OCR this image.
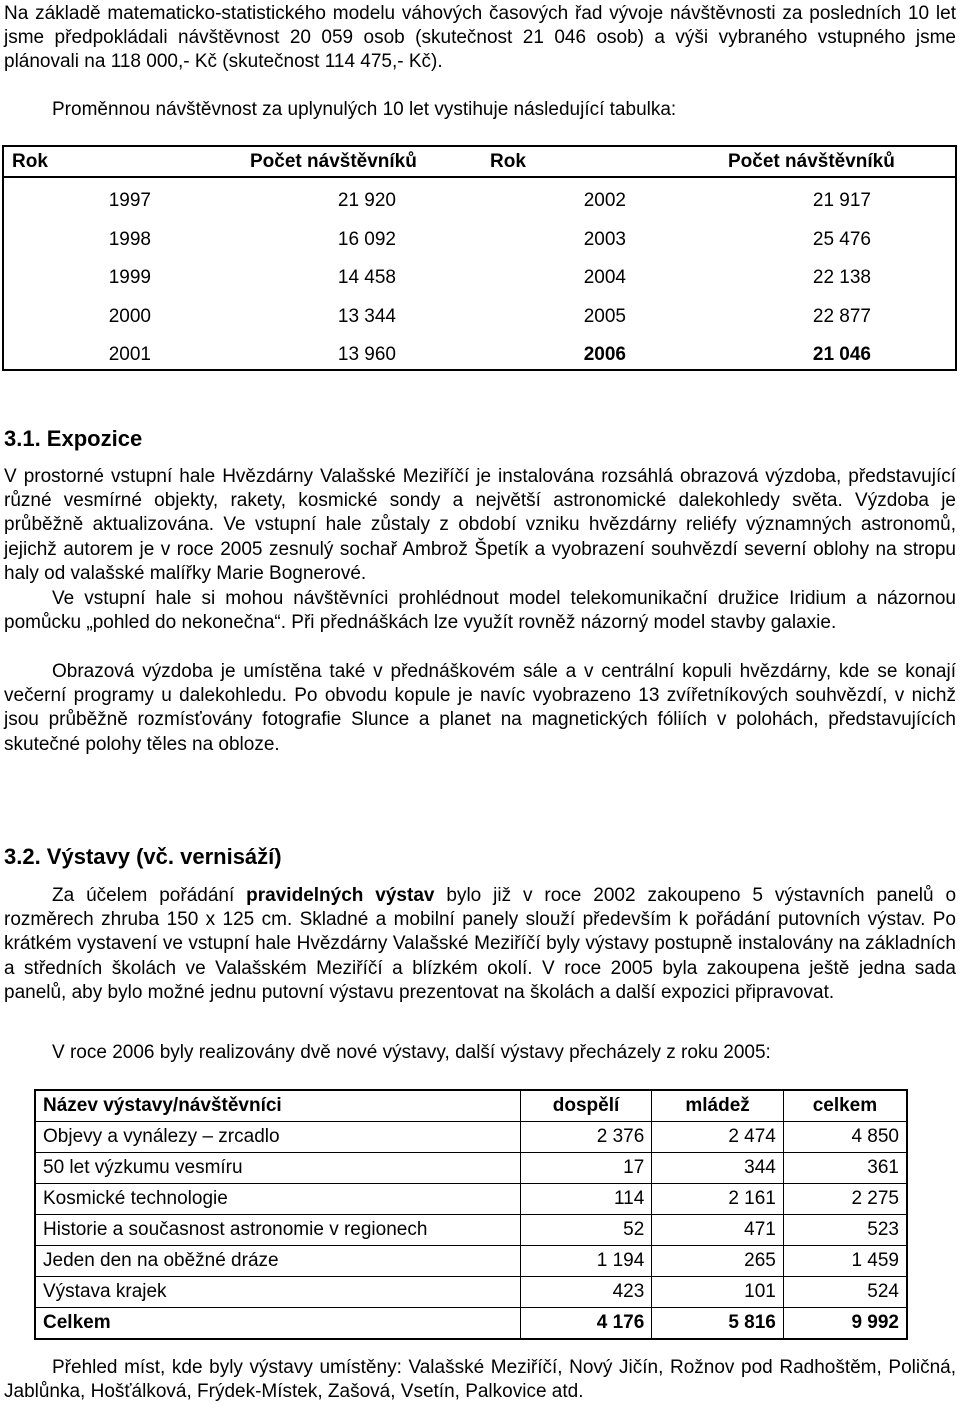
Na základě matematicko-statistického modelu váhových časových řad vývoje návštěvnosti za posledních 10 let jsme předpokládali návštěvnost 20 059 osob (skutečnost 21 046 osob) a výši vybraného vstupného jsme plánovali na 118 000,- Kč (skutečnost 114 475,- Kč).

Proměnnou návštěvnost za uplynulých 10 let vystihuje následující tabulka:

Rok	Počet návštěvníků	Rok	Počet návštěvníků
1997	21 920	2002	21 917
1998	16 092	2003	25 476
1999	14 458	2004	22 138
2000	13 344	2005	22 877
2001	13 960	2006	21 046
3.1. Expozice

V prostorné vstupní hale Hvězdárny Valašské Meziříčí je instalována rozsáhlá obrazová výzdoba, představující různé vesmírné objekty, rakety, kosmické sondy a největší astronomické dalekohledy světa. Výzdoba je průběžně aktualizována. Ve vstupní hale zůstaly z období vzniku hvězdárny reliéfy významných astronomů, jejichž autorem je v roce 2005 zesnulý sochař Ambrož Špetík a vyobrazení souhvězdí severní oblohy na stropu haly od valašské malířky Marie Bognerové.

Ve vstupní hale si mohou návštěvníci prohlédnout model telekomunikační družice Iridium a názornou pomůcku „pohled do nekonečna“. Při přednáškách lze využít rovněž názorný model stavby galaxie.

Obrazová výzdoba je umístěna také v přednáškovém sále a v centrální kopuli hvězdárny, kde se konají večerní programy u dalekohledu. Po obvodu kopule je navíc vyobrazeno 13 zvířetníkových souhvězdí, v nichž jsou průběžně rozmísťovány fotografie Slunce a planet na magnetických fóliích v polohách, představujících skutečné polohy těles na obloze.

3.2. Výstavy (vč. vernisáží)

Za účelem pořádání pravidelných výstav bylo již v roce 2002 zakoupeno 5 výstavních panelů o rozměrech zhruba 150 x 125 cm. Skladné a mobilní panely slouží především k pořádání putovních výstav. Po krátkém vystavení ve vstupní hale Hvězdárny Valašské Meziříčí byly výstavy postupně instalovány na základních a středních školách ve Valašském Meziříčí a blízkém okolí. V roce 2005 byla zakoupena ještě jedna sada panelů, aby bylo možné jednu putovní výstavu prezentovat na školách a další expozici připravovat.

V roce 2006 byly realizovány dvě nové výstavy, další výstavy přecházely z roku 2005:

Název výstavy/návštěvníci	dospělí	mládež	celkem
Objevy a vynálezy – zrcadlo	2 376	2 474	4 850
50 let výzkumu vesmíru	17	344	361
Kosmické technologie	114	2 161	2 275
Historie a současnost astronomie v regionech	52	471	523
Jeden den na oběžné dráze	1 194	265	1 459
Výstava krajek	423	101	524
Celkem	4 176	5 816	9 992

Přehled míst, kde byly výstavy umístěny: Valašské Meziříčí, Nový Jičín, Rožnov pod Radhoštěm, Poličná, Jablůnka, Hošťálková, Frýdek-Místek, Zašová, Vsetín, Palkovice atd.
